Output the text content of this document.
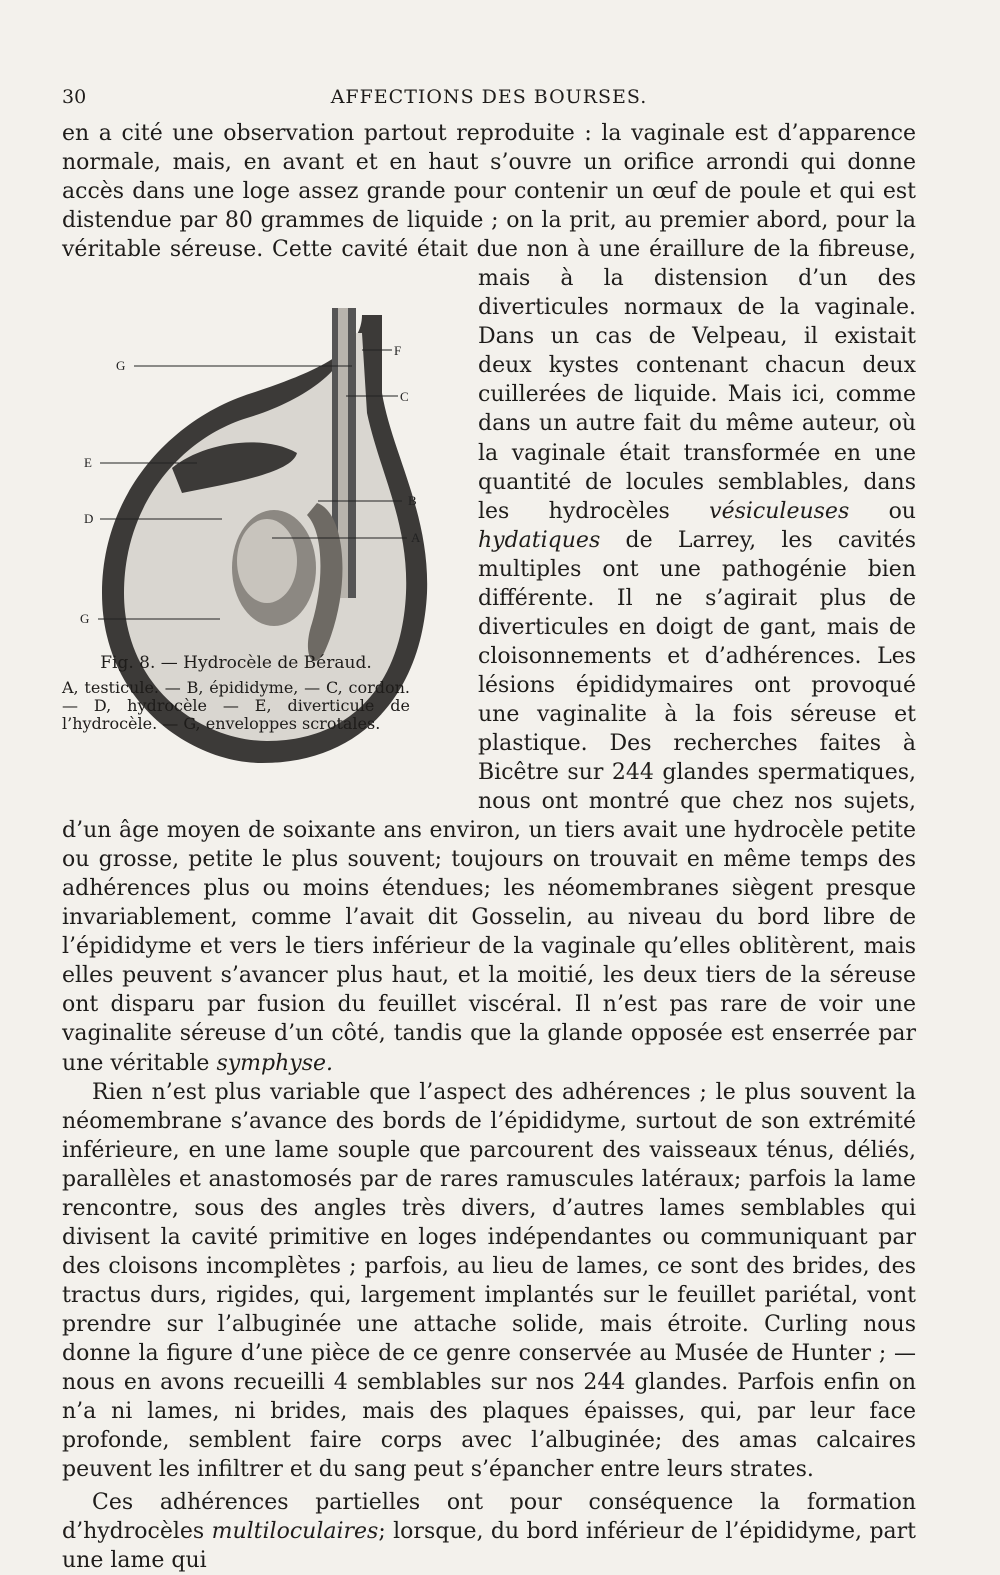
30	AFFECTIONS DES BOURSES.

G
F
C
E
B
D
A
G
Fig. 8. — Hydrocèle de Béraud.
A, testicule. — B, épididyme, — C, cordon. — D, hydrocèle — E, diverticule de l’hydrocèle. — G, enveloppes scrotales.
en a cité une observation partout reproduite : la vaginale est d’apparence normale, mais, en avant et en haut s’ouvre un orifice arrondi qui donne accès dans une loge assez grande pour contenir un œuf de poule et qui est distendue par 80 grammes de liquide ; on la prit, au premier abord, pour la véritable séreuse. Cette cavité était due non à une éraillure de la fibreuse, mais à la distension d’un des diverticules normaux de la vaginale. Dans un cas de Velpeau, il existait deux kystes contenant chacun deux cuillerées de liquide. Mais ici, comme dans un autre fait du même auteur, où la vaginale était transformée en une quantité de locules semblables, dans les hydrocèles vésiculeuses ou hydatiques de Larrey, les cavités multiples ont une pathogénie bien différente. Il ne s’agirait plus de diverticules en doigt de gant, mais de cloisonnements et d’adhérences. Les lésions épididymaires ont provoqué une vaginalite à la fois séreuse et plastique. Des recherches faites à Bicêtre sur 244 glandes spermatiques, nous ont montré que chez nos sujets, d’un âge moyen de soixante ans environ, un tiers avait une hydrocèle petite ou grosse, petite le plus souvent; toujours on trouvait en même temps des adhérences plus ou moins étendues; les néomembranes siègent presque invariablement, comme l’avait dit Gosselin, au niveau du bord libre de l’épididyme et vers le tiers inférieur de la vaginale qu’elles oblitèrent, mais elles peuvent s’avancer plus haut, et la moitié, les deux tiers de la séreuse ont disparu par fusion du feuillet viscéral. Il n’est pas rare de voir une vaginalite séreuse d’un côté, tandis que la glande opposée est enserrée par une véritable symphyse.

Rien n’est plus variable que l’aspect des adhérences ; le plus souvent la néomembrane s’avance des bords de l’épididyme, surtout de son extrémité inférieure, en une lame souple que parcourent des vaisseaux ténus, déliés, parallèles et anastomosés par de rares ramuscules latéraux; parfois la lame rencontre, sous des angles très divers, d’autres lames semblables qui divisent la cavité primitive en loges indépendantes ou communiquant par des cloisons incomplètes ; parfois, au lieu de lames, ce sont des brides, des tractus durs, rigides, qui, largement implantés sur le feuillet pariétal, vont prendre sur l’albuginée une attache solide, mais étroite. Curling nous donne la figure d’une pièce de ce genre conservée au Musée de Hunter ; — nous en avons recueilli 4 semblables sur nos 244 glandes. Parfois enfin on n’a ni lames, ni brides, mais des plaques épaisses, qui, par leur face profonde, semblent faire corps avec l’albuginée; des amas calcaires peuvent les infiltrer et du sang peut s’épancher entre leurs strates.

Ces adhérences partielles ont pour conséquence la formation d’hydrocèles multiloculaires; lorsque, du bord inférieur de l’épididyme, part une lame qui
